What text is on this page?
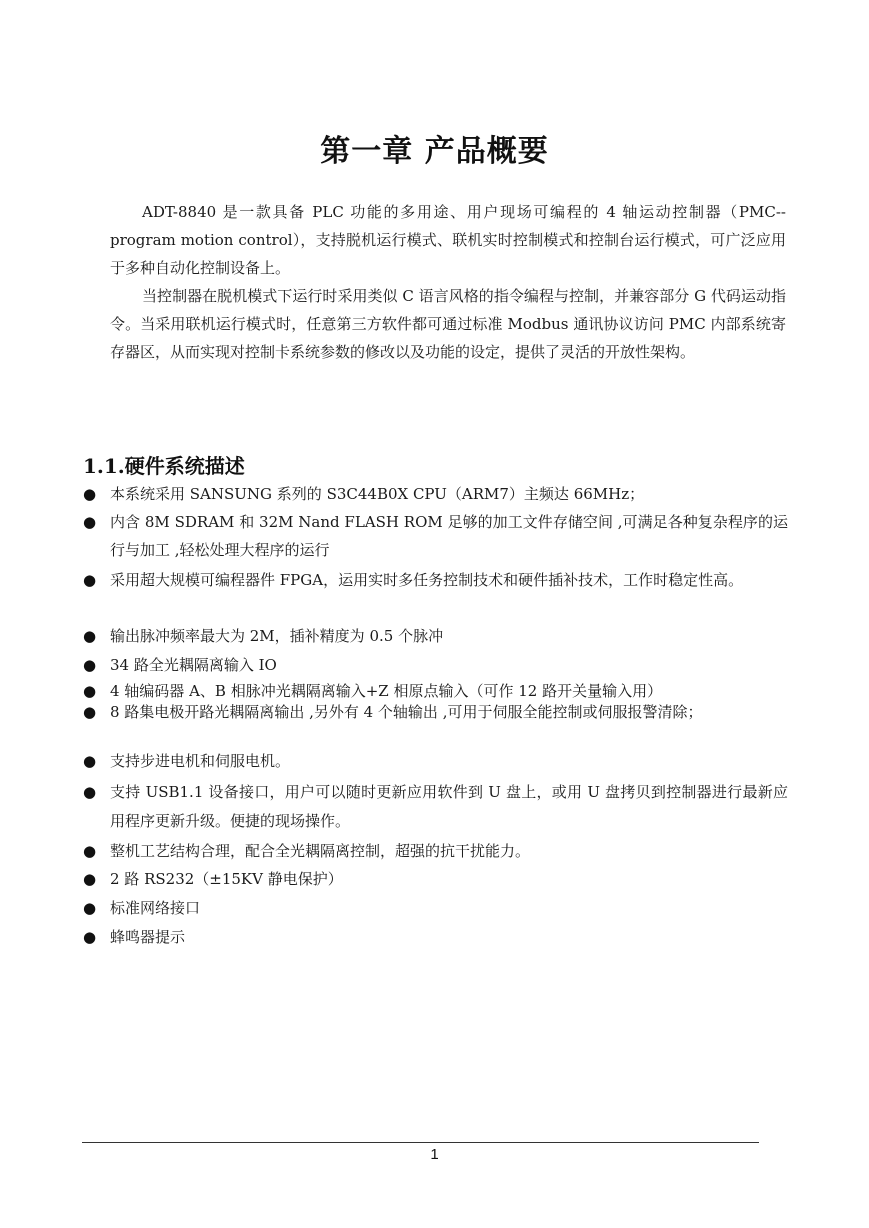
第一章 产品概要

ADT-8840 是一款具备 PLC 功能的多用途、用户现场可编程的 4 轴运动控制器（PMC--program motion control），支持脱机运行模式、联机实时控制模式和控制台运行模式，可广泛应用于多种自动化控制设备上。

当控制器在脱机模式下运行时采用类似 C 语言风格的指令编程与控制，并兼容部分 G 代码运动指令。当采用联机运行模式时，任意第三方软件都可通过标准 Modbus 通讯协议访问 PMC 内部系统寄存器区，从而实现对控制卡系统参数的修改以及功能的设定，提供了灵活的开放性架构。

1.1.硬件系统描述
● 本系统采用 SANSUNG 系列的 S3C44B0X CPU（ARM7）主频达 66MHz；
● 内含 8M SDRAM 和 32M Nand FLASH ROM 足够的加工文件存储空间 ,可满足各种复杂程序的运行与加工 ,轻松处理大程序的运行
● 采用超大规模可编程器件 FPGA，运用实时多任务控制技术和硬件插补技术，工作时稳定性高。
● 输出脉冲频率最大为 2M，插补精度为 0.5 个脉冲
● 34 路全光耦隔离输入 IO
● 4 轴编码器 A、B 相脉冲光耦隔离输入+Z 相原点输入（可作 12 路开关量输入用）
● 8 路集电极开路光耦隔离输出 ,另外有 4 个轴输出 ,可用于伺服全能控制或伺服报警清除；
● 支持步进电机和伺服电机。
● 支持 USB1.1 设备接口，用户可以随时更新应用软件到 U 盘上，或用 U 盘拷贝到控制器进行最新应用程序更新升级。便捷的现场操作。
● 整机工艺结构合理，配合全光耦隔离控制，超强的抗干扰能力。
● 2 路 RS232（±15KV 静电保护）
● 标准网络接口
● 蜂鸣器提示
1
